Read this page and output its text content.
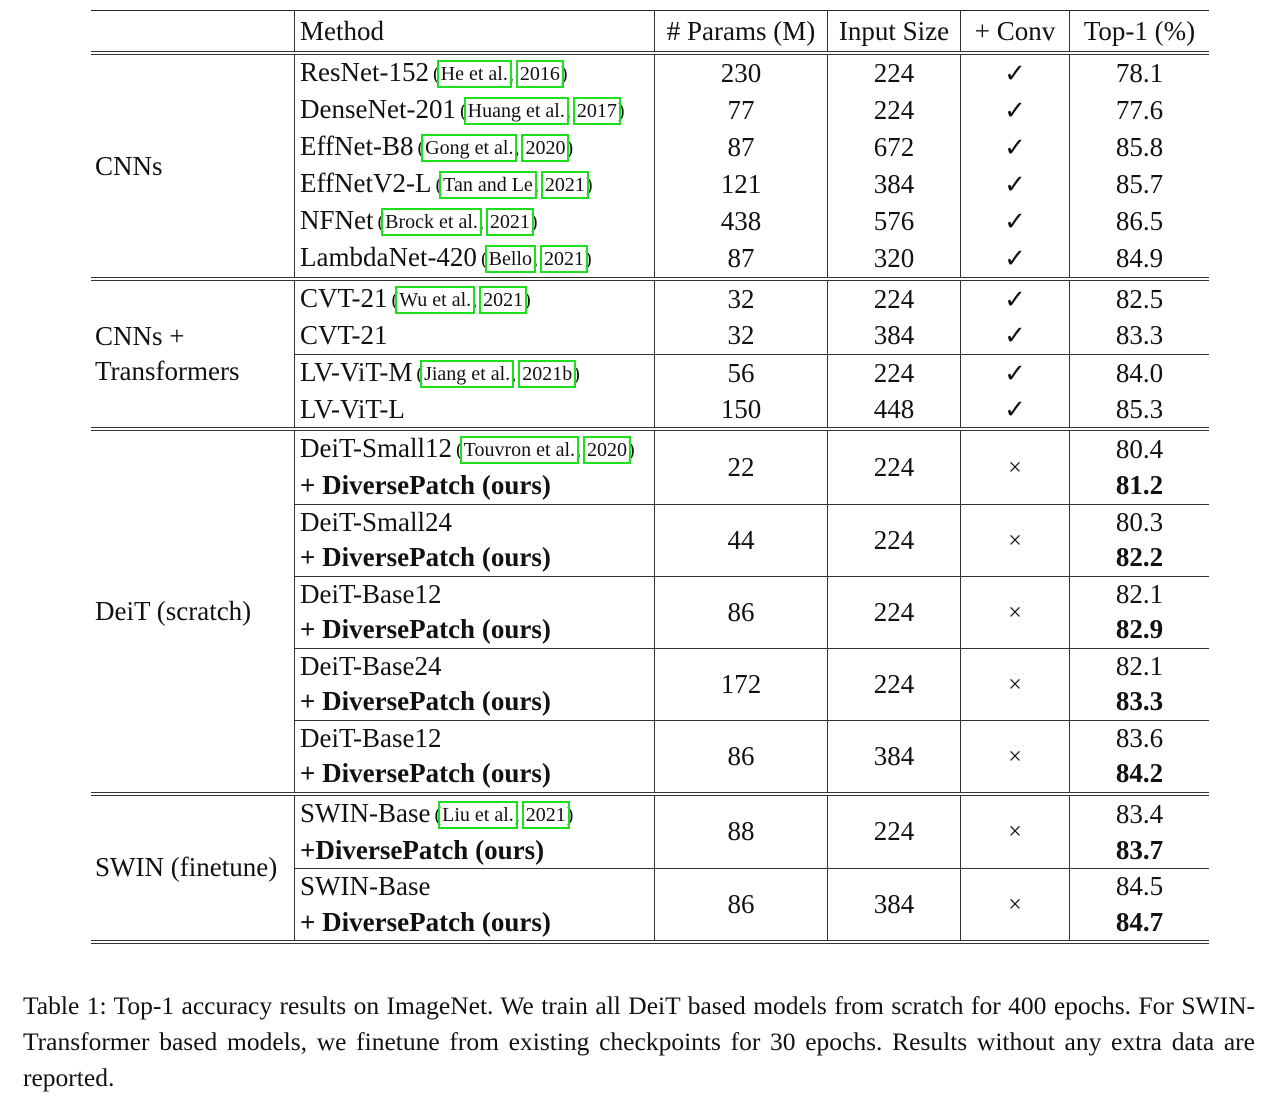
	Method	# Params (M)	Input Size	+ Conv	Top-1 (%)
CNNs	ResNet-152 (He et al., 2016)	230	224	✓	78.1
	DenseNet-201 (Huang et al., 2017)	77	224	✓	77.6
	EffNet-B8 (Gong et al., 2020)	87	672	✓	85.8
	EffNetV2-L (Tan and Le, 2021)	121	384	✓	85.7
	NFNet (Brock et al., 2021)	438	576	✓	86.5
	LambdaNet-420 (Bello, 2021)	87	320	✓	84.9
CNNs + Transformers	CVT-21 (Wu et al., 2021)	32	224	✓	82.5
	CVT-21	32	384	✓	83.3
	LV-ViT-M (Jiang et al., 2021b)	56	224	✓	84.0
	LV-ViT-L	150	448	✓	85.3
DeiT (scratch)	DeiT-Small12 (Touvron et al., 2020)	22	224	×	80.4
	+ DiversePatch (ours)				81.2
	DeiT-Small24	44	224	×	80.3
	+ DiversePatch (ours)				82.2
	DeiT-Base12	86	224	×	82.1
	+ DiversePatch (ours)				82.9
	DeiT-Base24	172	224	×	82.1
	+ DiversePatch (ours)				83.3
	DeiT-Base12	86	384	×	83.6
	+ DiversePatch (ours)				84.2
SWIN (finetune)	SWIN-Base (Liu et al., 2021)	88	224	×	83.4
	+DiversePatch (ours)				83.7
	SWIN-Base	86	384	×	84.5
	+ DiversePatch (ours)				84.7

Table 1: Top-1 accuracy results on ImageNet. We train all DeiT based models from scratch for 400 epochs. For SWIN-Transformer based models, we finetune from existing checkpoints for 30 epochs. Results without any extra data are reported.
